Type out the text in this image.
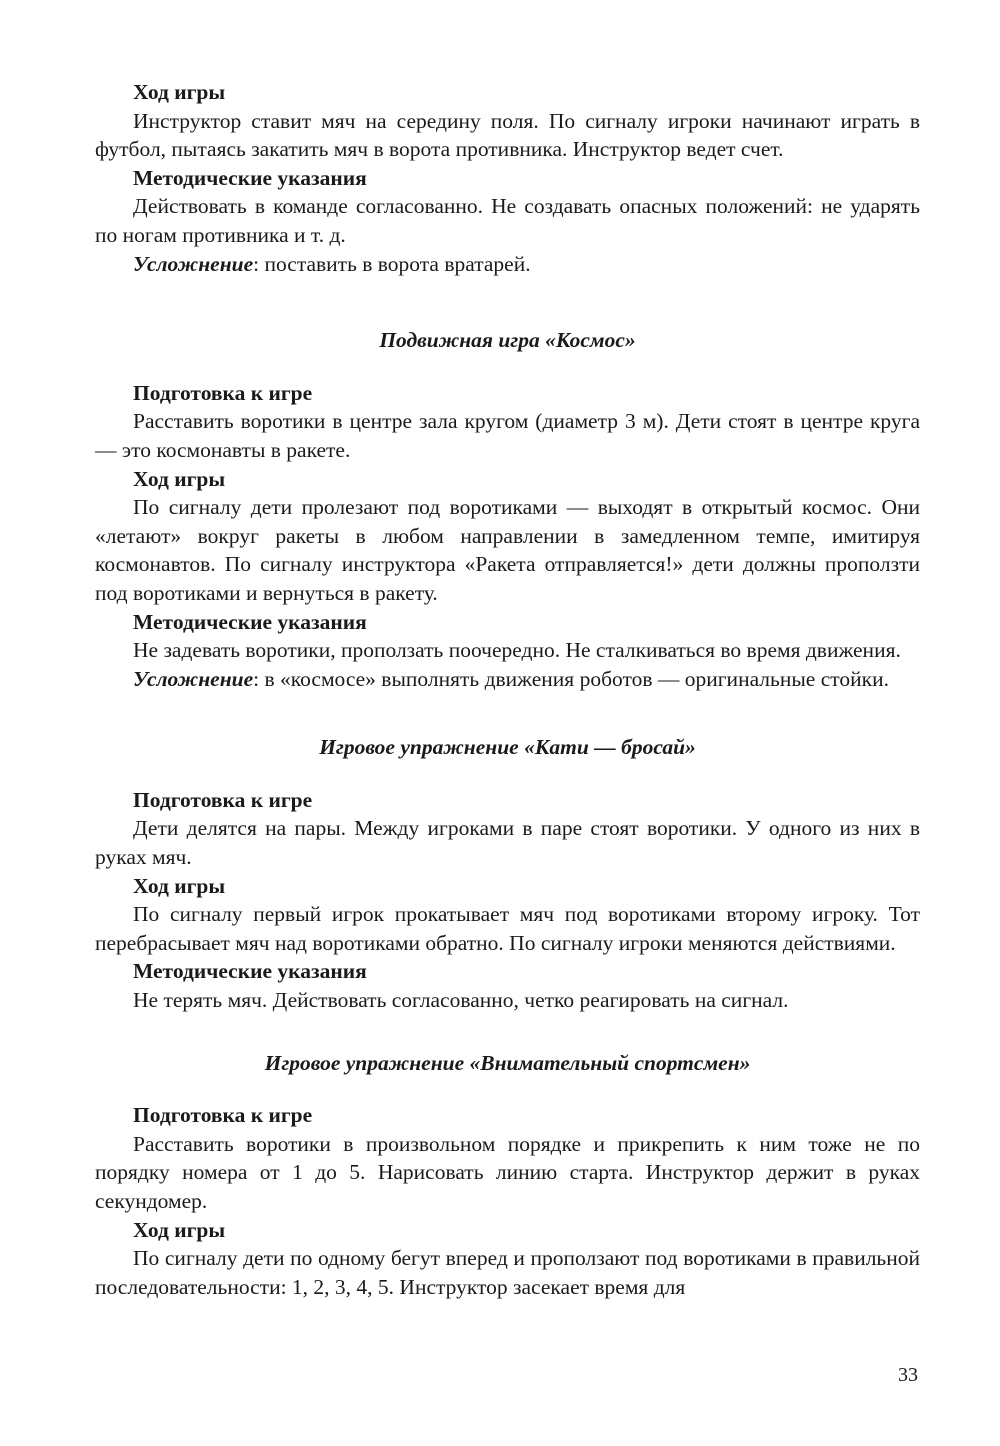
Ход игры

Инструктор ставит мяч на середину поля. По сигналу игроки начинают играть в футбол, пытаясь закатить мяч в ворота противника. Инструктор ведет счет.

Методические указания

Действовать в команде согласованно. Не создавать опасных положений: не ударять по ногам противника и т. д.

Усложнение: поставить в ворота вратарей.

Подвижная игра «Космос»

Подготовка к игре

Расставить воротики в центре зала кругом (диаметр 3 м). Дети стоят в центре круга — это космонавты в ракете.

Ход игры

По сигналу дети пролезают под воротиками — выходят в открытый космос. Они «летают» вокруг ракеты в любом направлении в замедленном темпе, имитируя космонавтов. По сигналу инструктора «Ракета отправляется!» дети должны проползти под воротиками и вернуться в ракету.

Методические указания

Не задевать воротики, проползать поочередно. Не сталкиваться во время движения.

Усложнение: в «космосе» выполнять движения роботов — оригинальные стойки.

Игровое упражнение «Кати — бросай»

Подготовка к игре

Дети делятся на пары. Между игроками в паре стоят воротики. У одного из них в руках мяч.

Ход игры

По сигналу первый игрок прокатывает мяч под воротиками второму игроку. Тот перебрасывает мяч над воротиками обратно. По сигналу игроки меняются действиями.

Методические указания

Не терять мяч. Действовать согласованно, четко реагировать на сигнал.

Игровое упражнение «Внимательный спортсмен»

Подготовка к игре

Расставить воротики в произвольном порядке и прикрепить к ним тоже не по порядку номера от 1 до 5. Нарисовать линию старта. Инструктор держит в руках секундомер.

Ход игры

По сигналу дети по одному бегут вперед и проползают под воротиками в правильной последовательности: 1, 2, 3, 4, 5. Инструктор засекает время для

33
